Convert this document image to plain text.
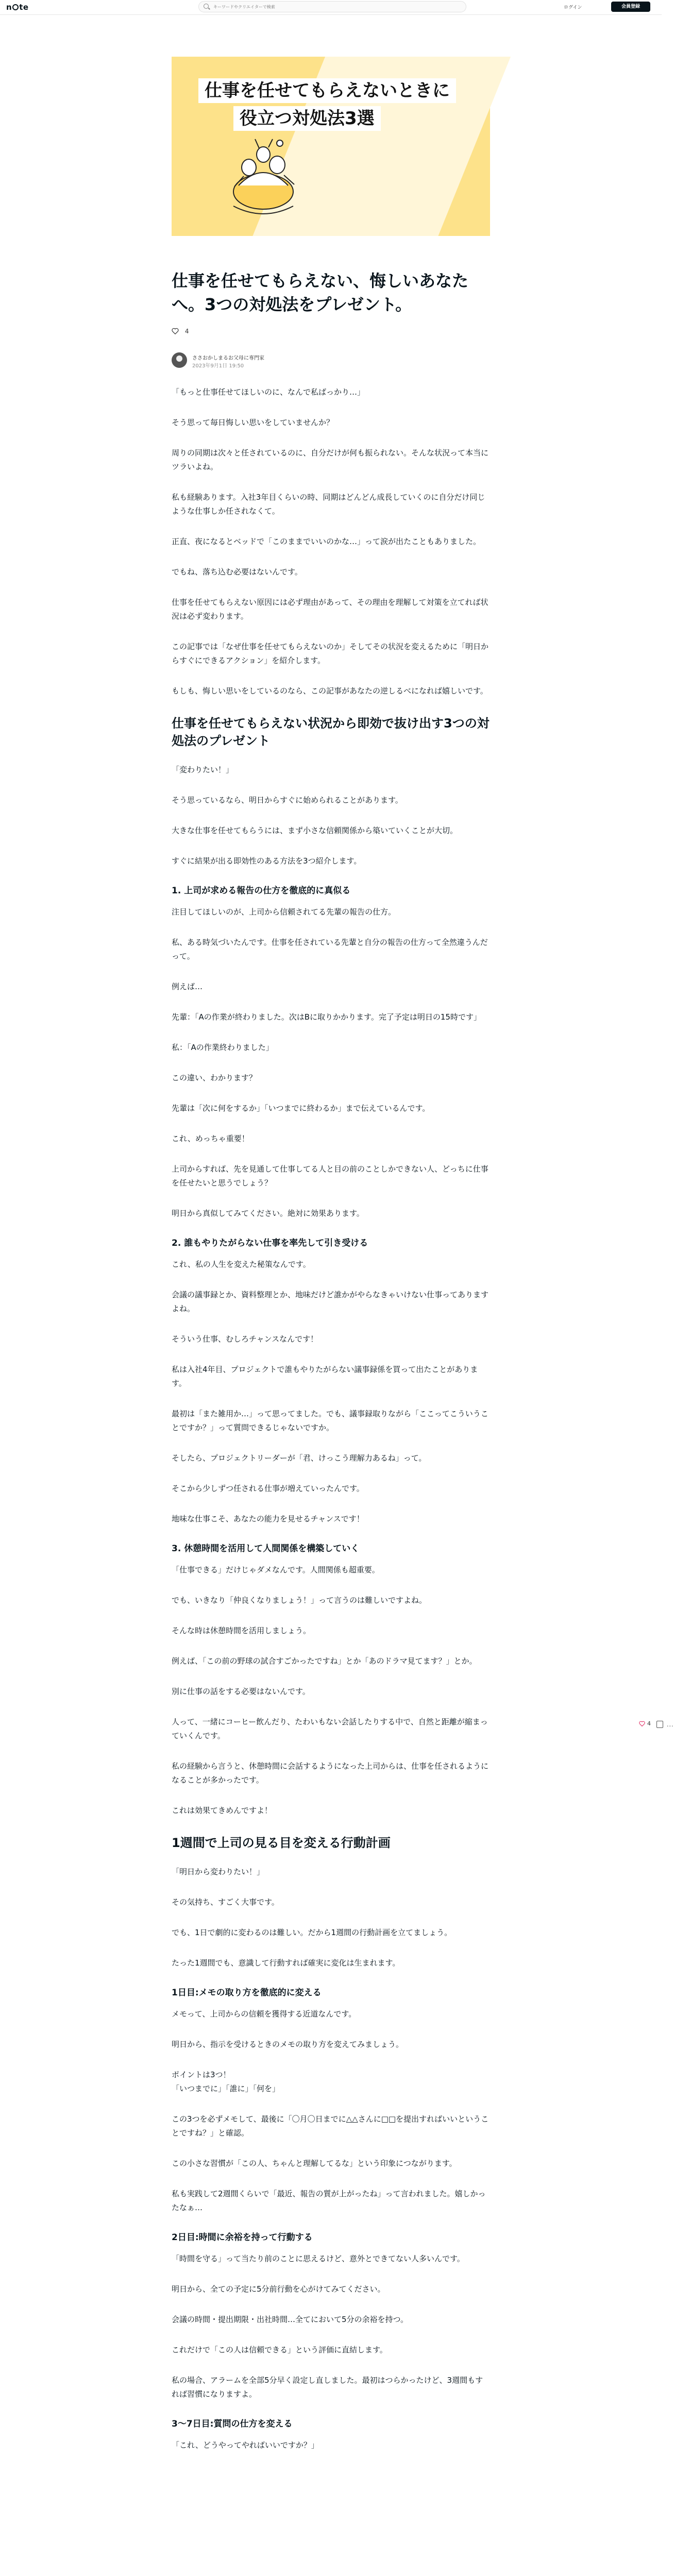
n te
キーワードやクリエイターで検索	ログイン	会員登録
仕事を任せてもらえないときに
役立つ対処法3選
仕事を任せてもらえない、悔しいあなたへ。3つの対処法をプレゼント。
4
ささおかしまるお父母に専門家
2023年9月1日 19:50

「もっと仕事任せてほしいのに、なんで私ばっかり…」

そう思って毎日悔しい思いをしていませんか？

周りの同期は次々と任されているのに、自分だけが何も振られない。そんな状況って本当にツラいよね。

私も経験あります。入社3年目くらいの時、同期はどんどん成長していくのに自分だけ同じような仕事しか任されなくて。

正直、夜になるとベッドで「このままでいいのかな…」って涙が出たこともありました。

でもね、落ち込む必要はないんです。

仕事を任せてもらえない原因には必ず理由があって、その理由を理解して対策を立てれば状況は必ず変わります。

この記事では「なぜ仕事を任せてもらえないのか」そしてその状況を変えるために「明日からすぐにできるアクション」を紹介します。

もしも、悔しい思いをしているのなら、この記事があなたの逆しるべになれば嬉しいです。

仕事を任せてもらえない状況から即効で抜け出す3つの対処法のプレゼント

「変わりたい！」

そう思っているなら、明日からすぐに始められることがあります。

大きな仕事を任せてもらうには、まず小さな信頼関係から築いていくことが大切。

すぐに結果が出る即効性のある方法を3つ紹介します。

1. 上司が求める報告の仕方を徹底的に真似る

注目してほしいのが、上司から信頼されてる先輩の報告の仕方。

私、ある時気づいたんです。仕事を任されている先輩と自分の報告の仕方って全然違うんだって。

例えば…

先輩：「Aの作業が終わりました。次はBに取りかかります。完了予定は明日の15時です」

私：「Aの作業終わりました」

この違い、わかります？

先輩は「次に何をするか」「いつまでに終わるか」まで伝えているんです。

これ、めっちゃ重要！

上司からすれば、先を見通して仕事してる人と目の前のことしかできない人、どっちに仕事を任せたいと思うでしょう？

明日から真似してみてください。絶対に効果あります。

2. 誰もやりたがらない仕事を率先して引き受ける

これ、私の人生を変えた秘策なんです。

会議の議事録とか、資料整理とか、地味だけど誰かがやらなきゃいけない仕事ってありますよね。

そういう仕事、むしろチャンスなんです！

私は入社4年目、プロジェクトで誰もやりたがらない議事録係を買って出たことがあります。

最初は「また雑用か…」って思ってました。でも、議事録取りながら「ここってこういうことですか？」って質問できるじゃないですか。

そしたら、プロジェクトリーダーが「君、けっこう理解力あるね」って。

そこから少しずつ任される仕事が増えていったんです。

地味な仕事こそ、あなたの能力を見せるチャンスです！

3. 休憩時間を活用して人間関係を構築していく

「仕事できる」だけじゃダメなんです。人間関係も超重要。

でも、いきなり「仲良くなりましょう！」って言うのは難しいですよね。

そんな時は休憩時間を活用しましょう。

例えば、「この前の野球の試合すごかったですね」とか「あのドラマ見てます？」とか。

別に仕事の話をする必要はないんです。

人って、一緒にコーヒー飲んだり、たわいもない会話したりする中で、自然と距離が縮まっていくんです。

私の経験から言うと、休憩時間に会話するようになった上司からは、仕事を任されるようになることが多かったです。

これは効果てきめんですよ！

1週間で上司の見る目を変える行動計画

「明日から変わりたい！」

その気持ち、すごく大事です。

でも、1日で劇的に変わるのは難しい。だから1週間の行動計画を立てましょう。

たった1週間でも、意識して行動すれば確実に変化は生まれます。

1日目:メモの取り方を徹底的に変える

メモって、上司からの信頼を獲得する近道なんです。

明日から、指示を受けるときのメモの取り方を変えてみましょう。

ポイントは3つ！

「いつまでに」「誰に」「何を」

この3つを必ずメモして、最後に「〇月〇日までに△△さんに□□を提出すればいいということですね？」と確認。

この小さな習慣が「この人、ちゃんと理解してるな」という印象につながります。

私も実践して2週間くらいで「最近、報告の質が上がったね」って言われました。嬉しかったなぁ…

2日目:時間に余裕を持って行動する

「時間を守る」って当たり前のことに思えるけど、意外とできてない人多いんです。

明日から、全ての予定に5分前行動を心がけてみてください。

会議の時間・提出期限・出社時間…全てにおいて5分の余裕を持つ。

これだけで「この人は信頼できる」という評価に直結します。

私の場合、アラームを全部5分早く設定し直しました。最初はつらかったけど、3週間もすれば習慣になりますよ。

3〜7日目:質問の仕方を変える

「これ、どうやってやればいいですか？」

4	···
